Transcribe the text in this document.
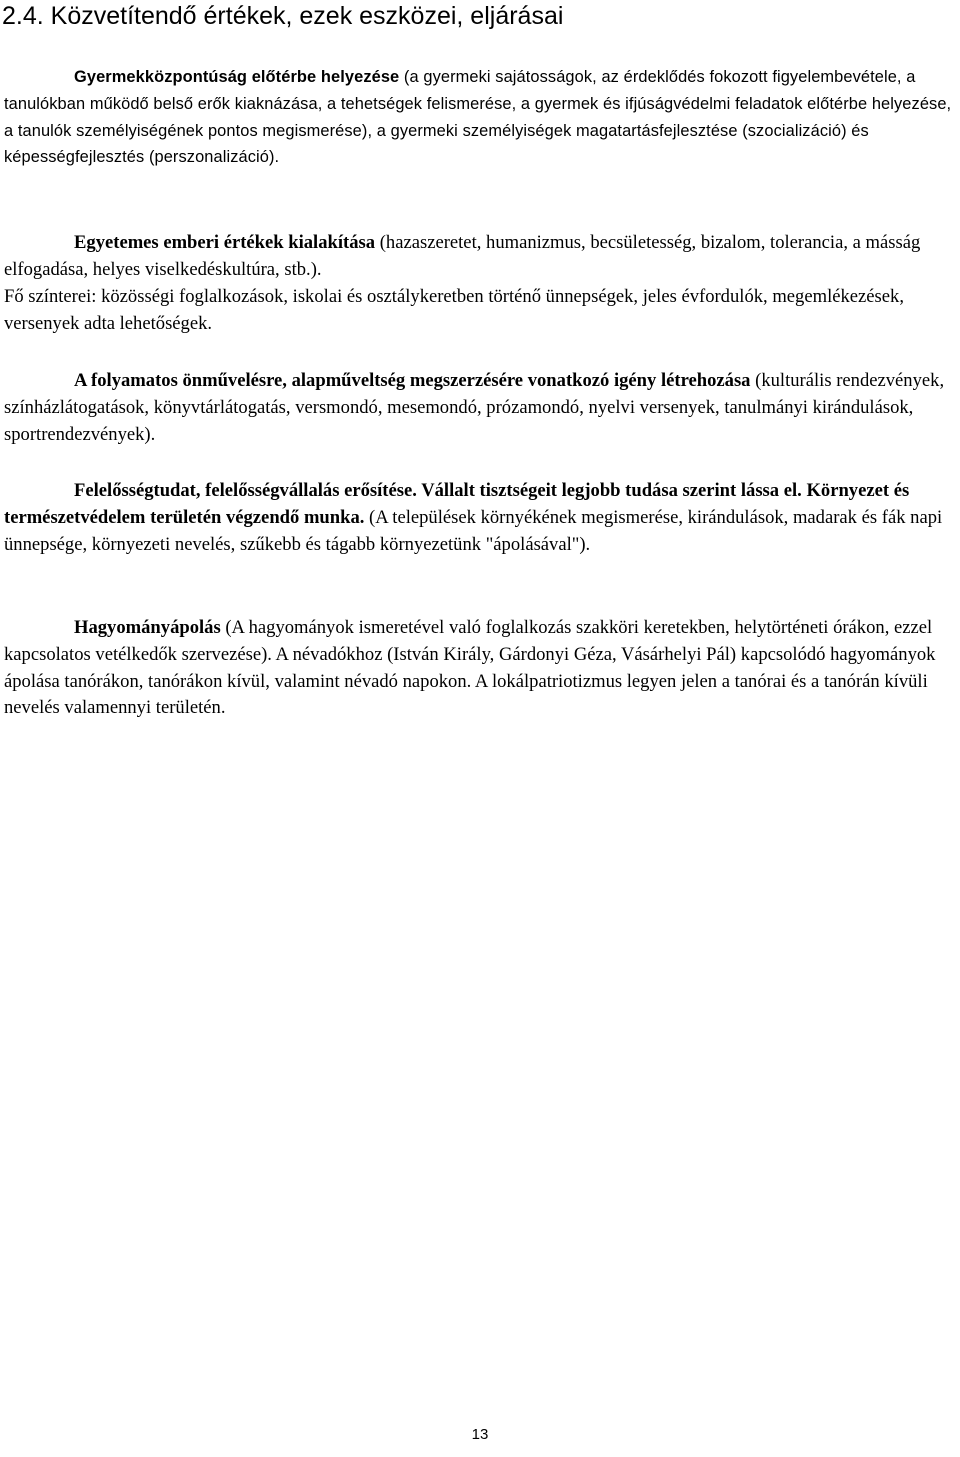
2.4. Közvetítendő értékek, ezek eszközei, eljárásai

Gyermekközpontúság előtérbe helyezése (a gyermeki sajátosságok, az érdeklődés fokozott figyelembevétele, a tanulókban működő belső erők kiaknázása, a tehetségek felismerése, a gyermek és ifjúságvédelmi feladatok előtérbe helyezése, a tanulók személyiségének pontos megismerése), a gyermeki személyiségek magatartásfejlesztése (szocializáció) és képességfejlesztés (perszonalizáció).

Egyetemes emberi értékek kialakítása (hazaszeretet, humanizmus, becsületesség, bizalom, tolerancia, a másság elfogadása, helyes viselkedéskultúra, stb.).

Fő színterei: közösségi foglalkozások, iskolai és osztálykeretben történő ünnepségek, jeles évfordulók, megemlékezések, versenyek adta lehetőségek.

A folyamatos önművelésre, alapműveltség megszerzésére vonatkozó igény létrehozása (kulturális rendezvények, színházlátogatások, könyvtárlátogatás, versmondó, mesemondó, prózamondó, nyelvi versenyek, tanulmányi kirándulások, sportrendezvények).

Felelősségtudat, felelősségvállalás erősítése. Vállalt tisztségeit legjobb tudása szerint lássa el. Környezet és természetvédelem területén végzendő munka. (A települések környékének megismerése, kirándulások, madarak és fák napi ünnepsége, környezeti nevelés, szűkebb és tágabb környezetünk "ápolásával").

Hagyományápolás (A hagyományok ismeretével való foglalkozás szakköri keretekben, helytörténeti órákon, ezzel kapcsolatos vetélkedők szervezése). A névadókhoz (István Király, Gárdonyi Géza, Vásárhelyi Pál) kapcsolódó hagyományok ápolása tanórákon, tanórákon kívül, valamint névadó napokon. A lokálpatriotizmus legyen jelen a tanórai és a tanórán kívüli nevelés valamennyi területén.

13
